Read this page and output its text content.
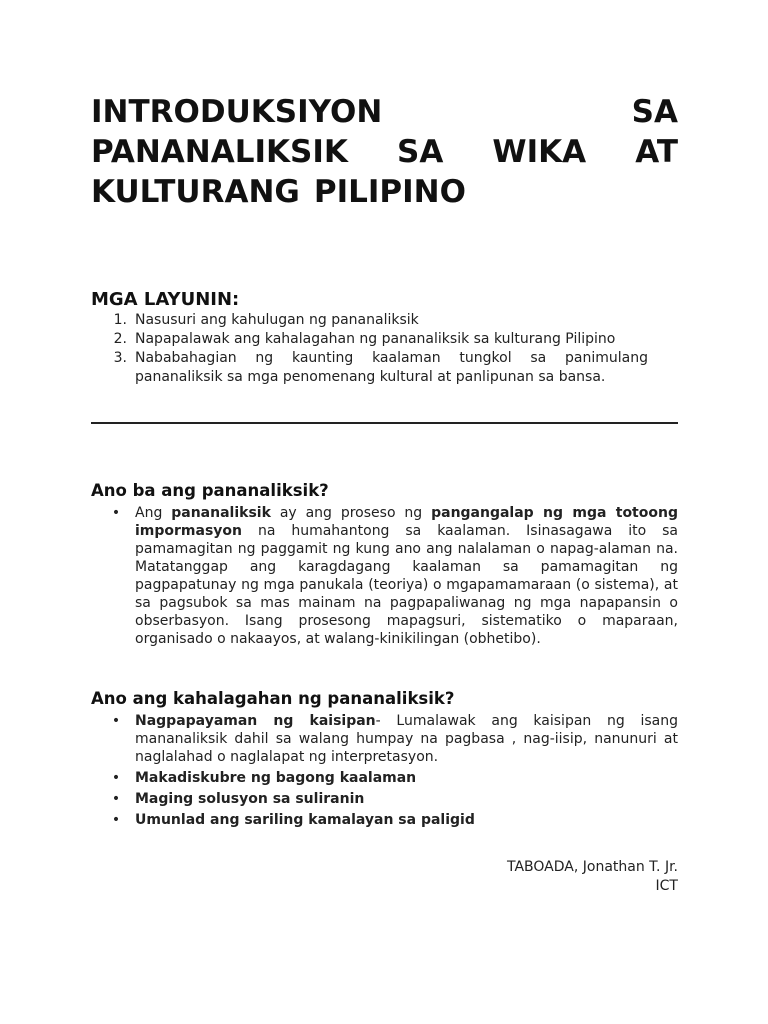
INTRODUKSIYON	SA
PANANALIKSIK SA WIKA AT
KULTURANG PILIPINO
MGA LAYUNIN:
1. Nasusuri ang kahulugan ng pananaliksik
2. Napapalawak ang kahalagahan ng pananaliksik sa kulturang Pilipino
3. Nababahagian ng kaunting kaalaman tungkol sa panimulang pananaliksik sa mga penomenang kultural at panlipunan sa bansa.
Ano ba ang pananaliksik?
•	Ang pananaliksik ay ang proseso ng pangangalap ng mga totoong impormasyon na humahantong sa kaalaman. Isinasagawa ito sa pamamagitan ng paggamit ng kung ano ang nalalaman o napag-alaman na. Matatanggap ang karagdagang kaalaman sa pamamagitan ng pagpapatunay ng mga panukala (teoriya) o mgapamamaraan (o sistema), at sa pagsubok sa mas mainam na pagpapaliwanag ng mga napapansin o obserbasyon. Isang prosesong mapagsuri, sistematiko o maparaan, organisado o nakaayos, at walang-kinikilingan (obhetibo).
Ano ang kahalagahan ng pananaliksik?
•	Nagpapayaman ng kaisipan- Lumalawak ang kaisipan ng isang mananaliksik dahil sa walang humpay na pagbasa , nag-iisip, nanunuri at naglalahad o naglalapat ng interpretasyon.
•	Makadiskubre ng bagong kaalaman
•	Maging solusyon sa suliranin
•	Umunlad ang sariling kamalayan sa paligid
TABOADA, Jonathan T. Jr.
ICT
